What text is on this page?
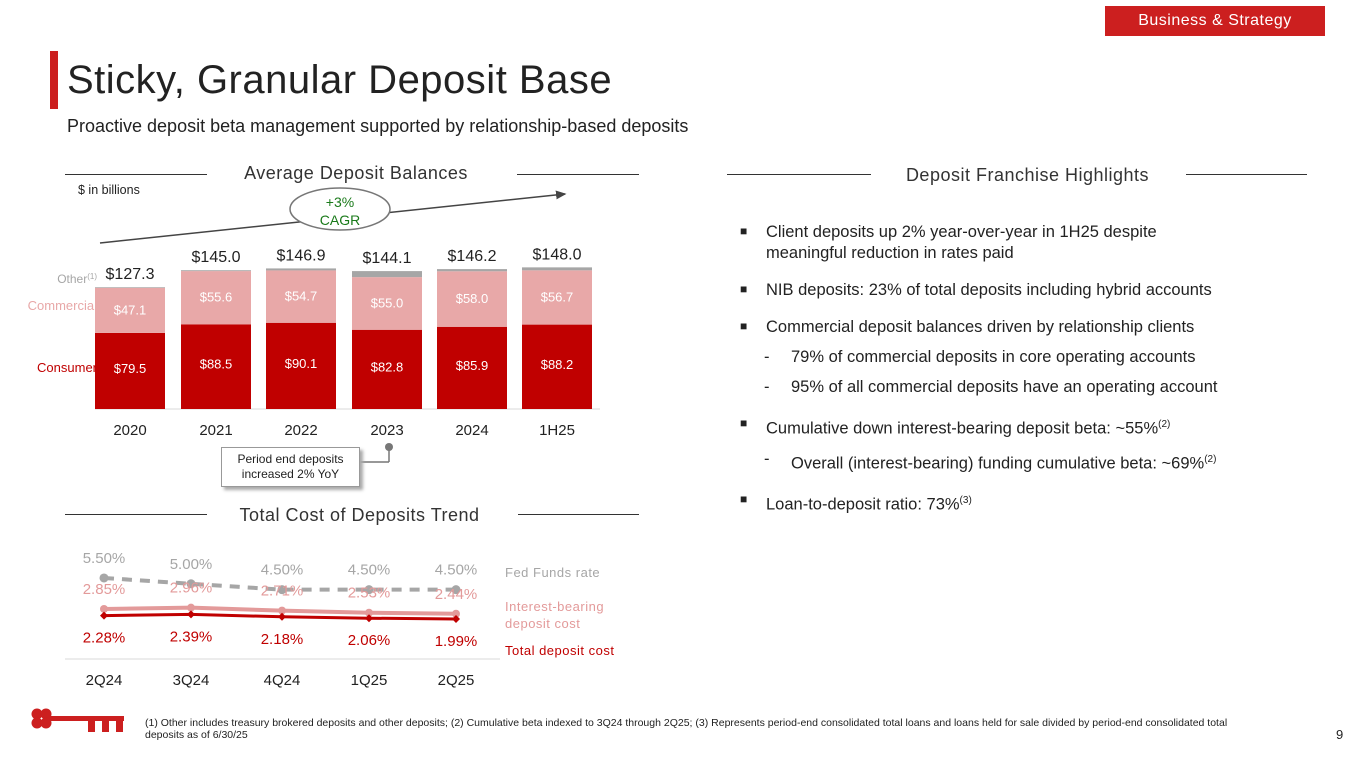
Business & Strategy
Sticky, Granular Deposit Base
Proactive deposit beta management supported by relationship-based deposits
Average Deposit Balances
$ in billions
+3%
CAGR
$79.5
$47.1
$127.3
2020
$88.5
$55.6
$145.0
2021
$90.1
$54.7
$146.9
2022
$82.8
$55.0
$144.1
2023
$85.9
$58.0
$146.2
2024
$88.2
$56.7
$148.0
1H25
Other$^{(1)}$
Commercial
Consumer
Period end deposits
increased 2% YoY
Total Cost of Deposits Trend
5.50%	5.00%	4.50%	4.50%	4.50%
2.85%	2.96%	2.71%	2.53%	2.44%
2.28%	2.39%	2.18%	2.06%	1.99%
2Q24	3Q24	4Q24	1Q25	2Q25
Fed Funds rate
Interest-bearing deposit cost
Total deposit cost
Deposit Franchise Highlights
■ Client deposits up 2% year-over-year in 1H25 despite
meaningful reduction in rates paid
■ NIB deposits: 23% of total deposits including hybrid accounts
■ Commercial deposit balances driven by relationship clients
- 79% of commercial deposits in core operating accounts
- 95% of all commercial deposits have an operating account
■ Cumulative down interest-bearing deposit beta: ~55%$^{(2)}$
- Overall (interest-bearing) funding cumulative beta: ~69%$^{(2)}$
■ Loan-to-deposit ratio: 73%$^{(3)}$
(1) Other includes treasury brokered deposits and other deposits; (2) Cumulative beta indexed to 3Q24 through 2Q25; (3) Represents period-end consolidated total loans and loans held for sale divided by period-end consolidated total deposits as of 6/30/25	9
